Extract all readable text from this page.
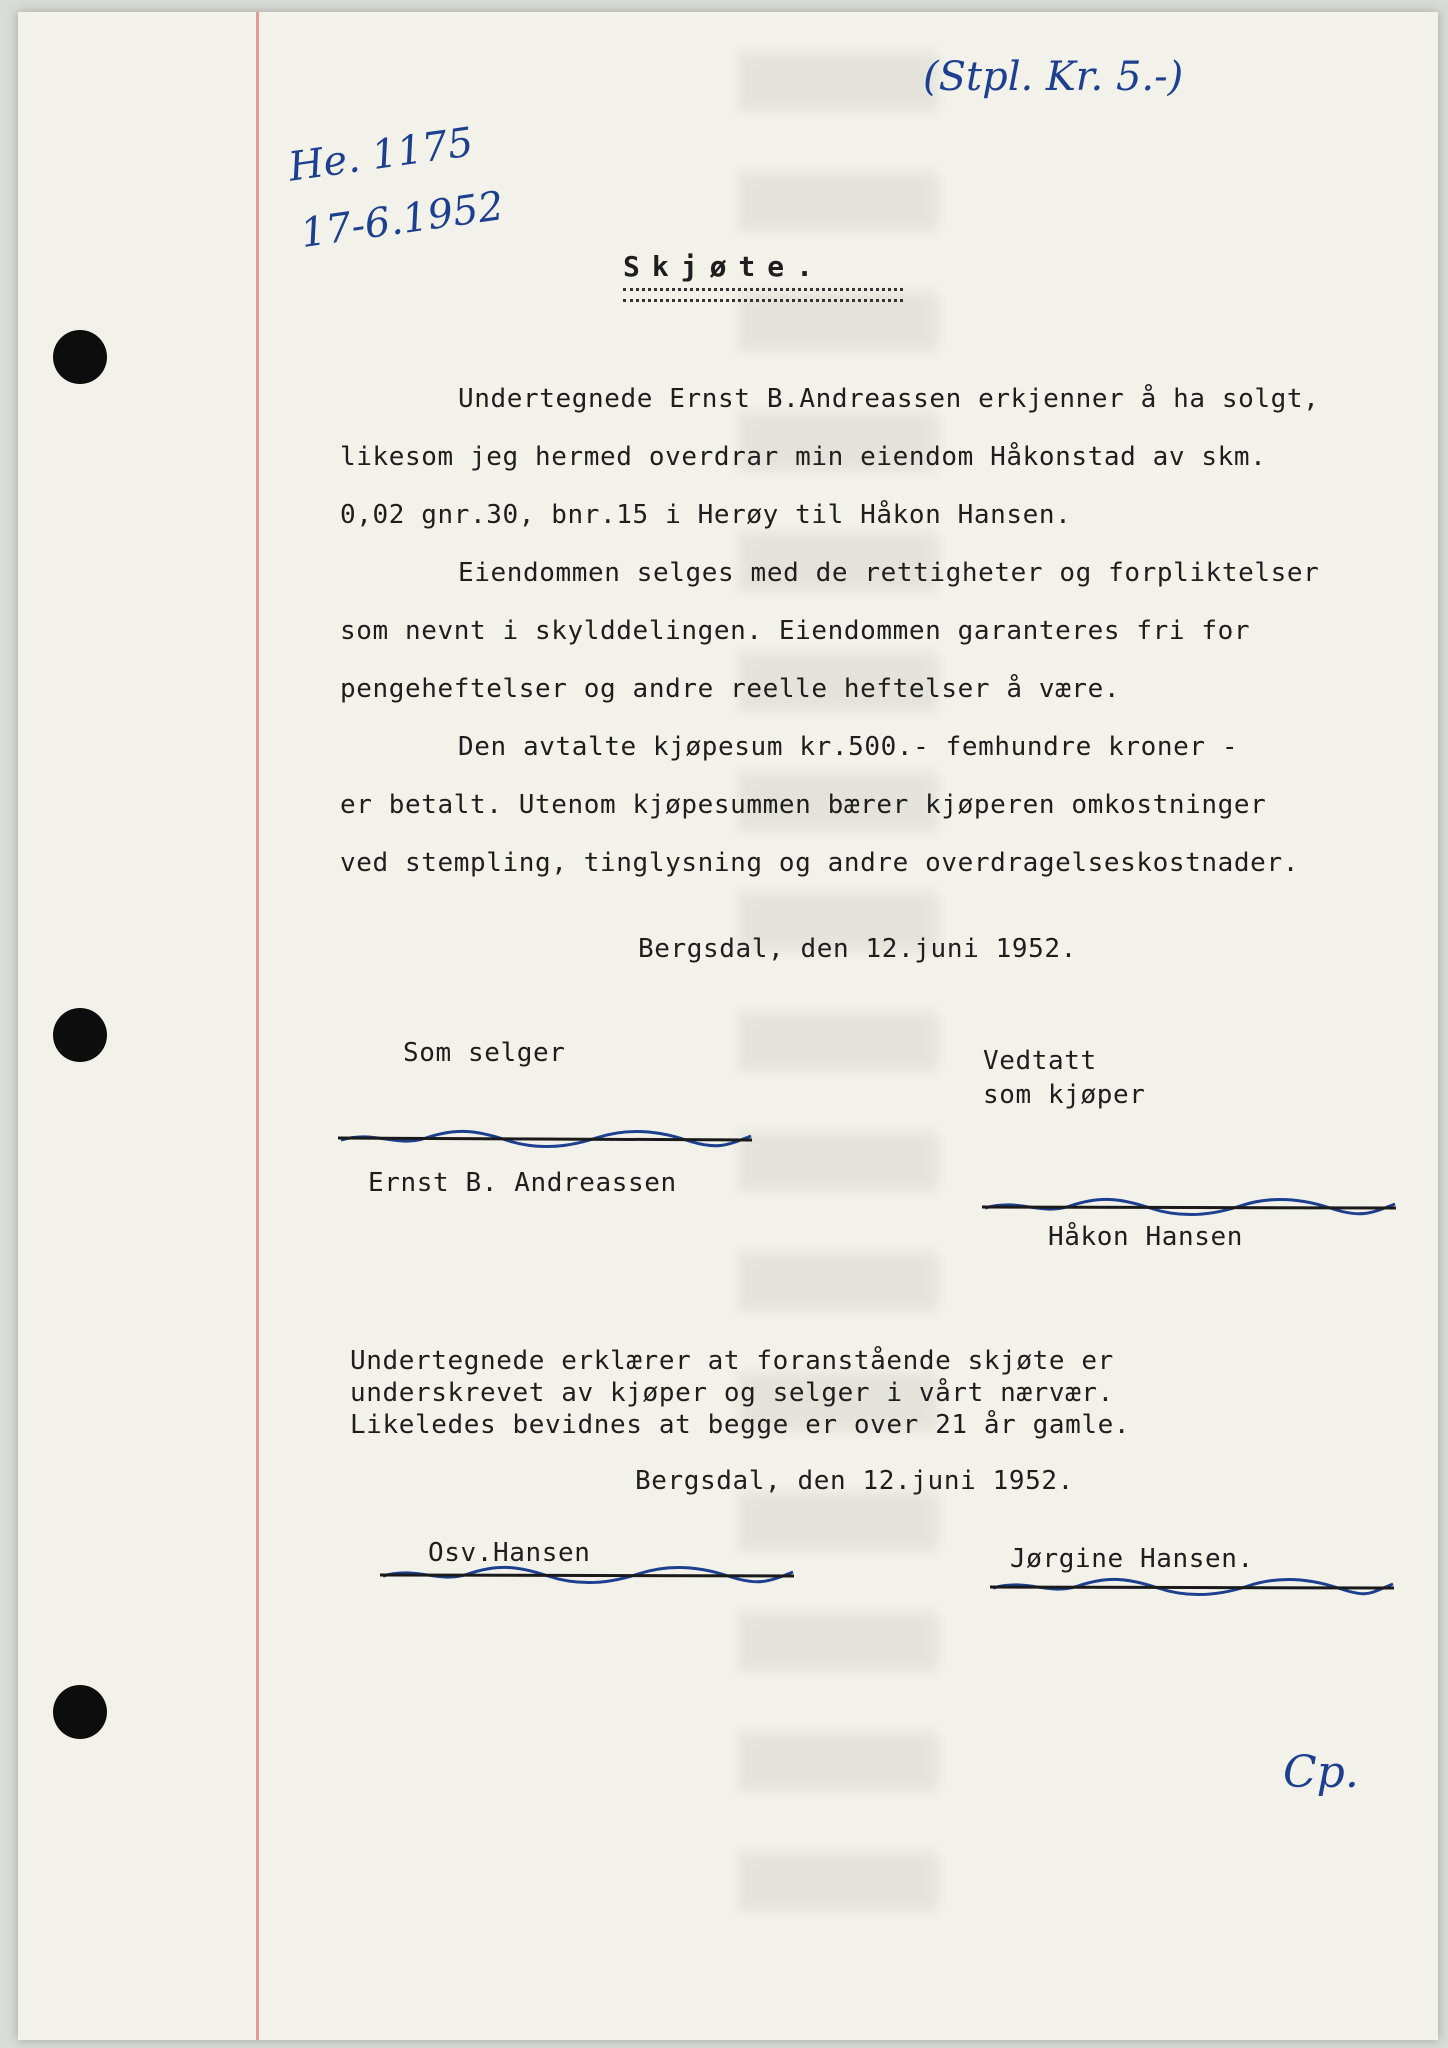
(Stpl. Kr. 5.-)
He. 1175
17-6.1952
Cp.
Skjøte.
Undertegnede Ernst B.Andreassen erkjenner å ha solgt,
likesom jeg hermed overdrar min eiendom Håkonstad av skm.
0,02 gnr.30, bnr.15 i Herøy til Håkon Hansen.
Eiendommen selges med de rettigheter og forpliktelser
som nevnt i skylddelingen. Eiendommen garanteres fri for
pengeheftelser og andre reelle heftelser å være.
Den avtalte kjøpesum kr.500.- femhundre kroner -
er betalt. Utenom kjøpesummen bærer kjøperen omkostninger
ved stempling, tinglysning og andre overdragelseskostnader.
Bergsdal, den 12.juni 1952.
Som selger	Vedtatt
som kjøper
Ernst B. Andreassen
Håkon Hansen
Undertegnede erklærer at foranstående skjøte er
underskrevet av kjøper og selger i vårt nærvær.
Likeledes bevidnes at begge er over 21 år gamle.
Bergsdal, den 12.juni 1952.
Osv.Hansen	Jørgine Hansen.
